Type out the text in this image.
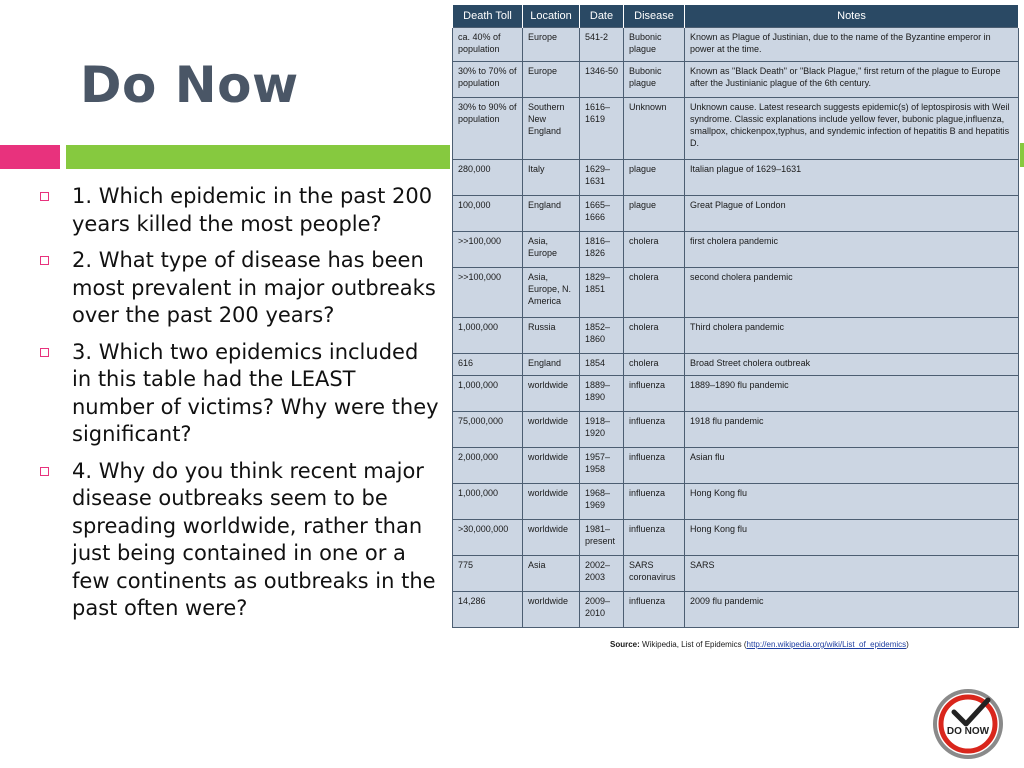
Do Now
1. Which epidemic in the past 200 years killed the most people?
2. What type of disease has been most prevalent in major outbreaks over the past 200 years?
3. Which two epidemics included in this table had the LEAST number of victims? Why were they significant?
4. Why do you think recent major disease outbreaks seem to be spreading worldwide, rather than just being contained in one or a few continents as outbreaks in the past often were?
Death Toll	Location	Date	Disease	Notes
ca. 40% of population	Europe	541-2	Bubonic plague	Known as Plague of Justinian, due to the name of the Byzantine emperor in power at the time.
30% to 70% of population	Europe	1346-50	Bubonic plague	Known as "Black Death" or "Black Plague," first return of the plague to Europe after the Justinianic plague of the 6th century.
30% to 90% of population	Southern New England	1616–1619	Unknown	Unknown cause. Latest research suggests epidemic(s) of leptospirosis with Weil syndrome. Classic explanations include yellow fever, bubonic plague,influenza, smallpox, chickenpox,typhus, and syndemic infection of hepatitis B and hepatitis D.
280,000	Italy	1629–1631	plague	Italian plague of 1629–1631
100,000	England	1665–1666	plague	Great Plague of London
>>100,000	Asia, Europe	1816–1826	cholera	first cholera pandemic
>>100,000	Asia, Europe, N. America	1829–1851	cholera	second cholera pandemic
1,000,000	Russia	1852–1860	cholera	Third cholera pandemic
616	England	1854	cholera	Broad Street cholera outbreak
1,000,000	worldwide	1889–1890	influenza	1889–1890 flu pandemic
75,000,000	worldwide	1918–1920	influenza	1918 flu pandemic
2,000,000	worldwide	1957–1958	influenza	Asian flu
1,000,000	worldwide	1968–1969	influenza	Hong Kong flu
>30,000,000	worldwide	1981–present	influenza	Hong Kong flu
775	Asia	2002–2003	SARS coronavirus	SARS
14,286	worldwide	2009–2010	influenza	2009 flu pandemic
Source: Wikipedia, List of Epidemics (http://en.wikipedia.org/wiki/List_of_epidemics)
DO NOW
